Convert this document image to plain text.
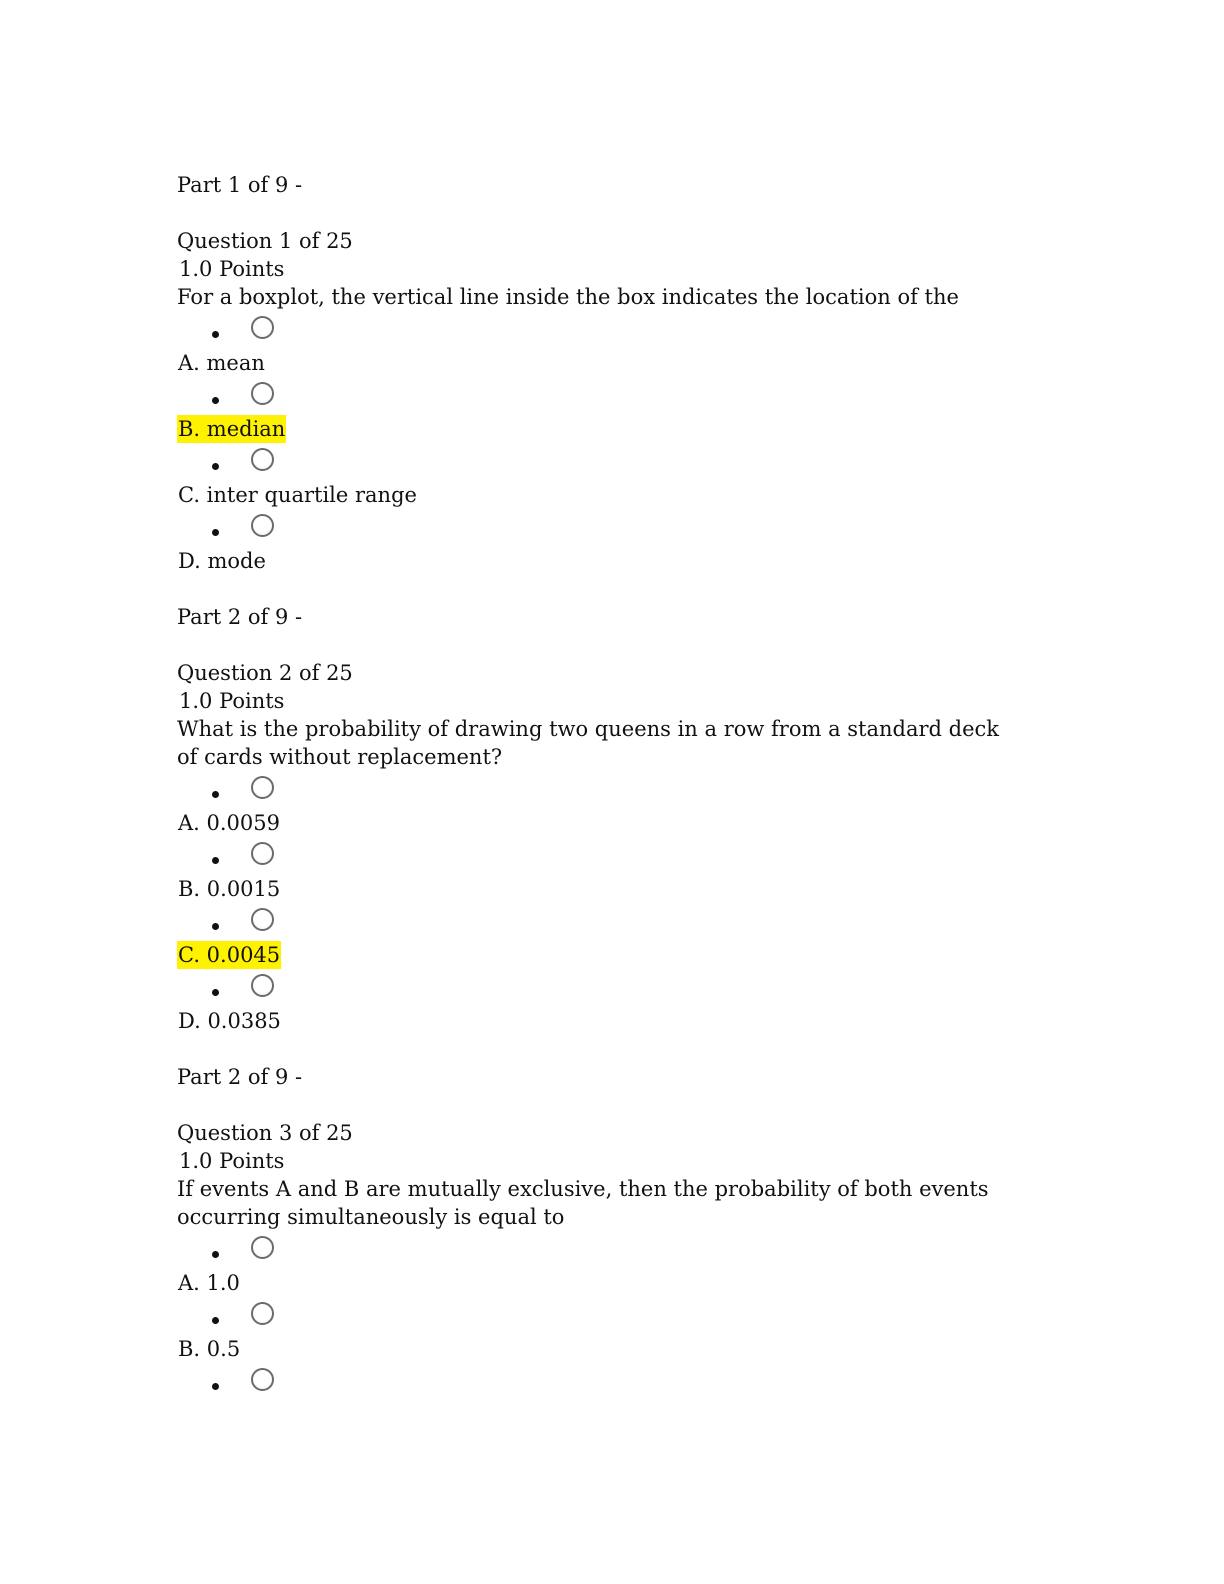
Part 1 of 9 -
Question 1 of 25
1.0 Points
For a boxplot, the vertical line inside the box indicates the location of the
A. mean
B. median
C. inter quartile range
D. mode
Part 2 of 9 -
Question 2 of 25
1.0 Points
What is the probability of drawing two queens in a row from a standard deck of cards without replacement?
A. 0.0059
B. 0.0015
C. 0.0045
D. 0.0385
Part 2 of 9 -
Question 3 of 25
1.0 Points
If events A and B are mutually exclusive, then the probability of both events occurring simultaneously is equal to
A. 1.0
B. 0.5
